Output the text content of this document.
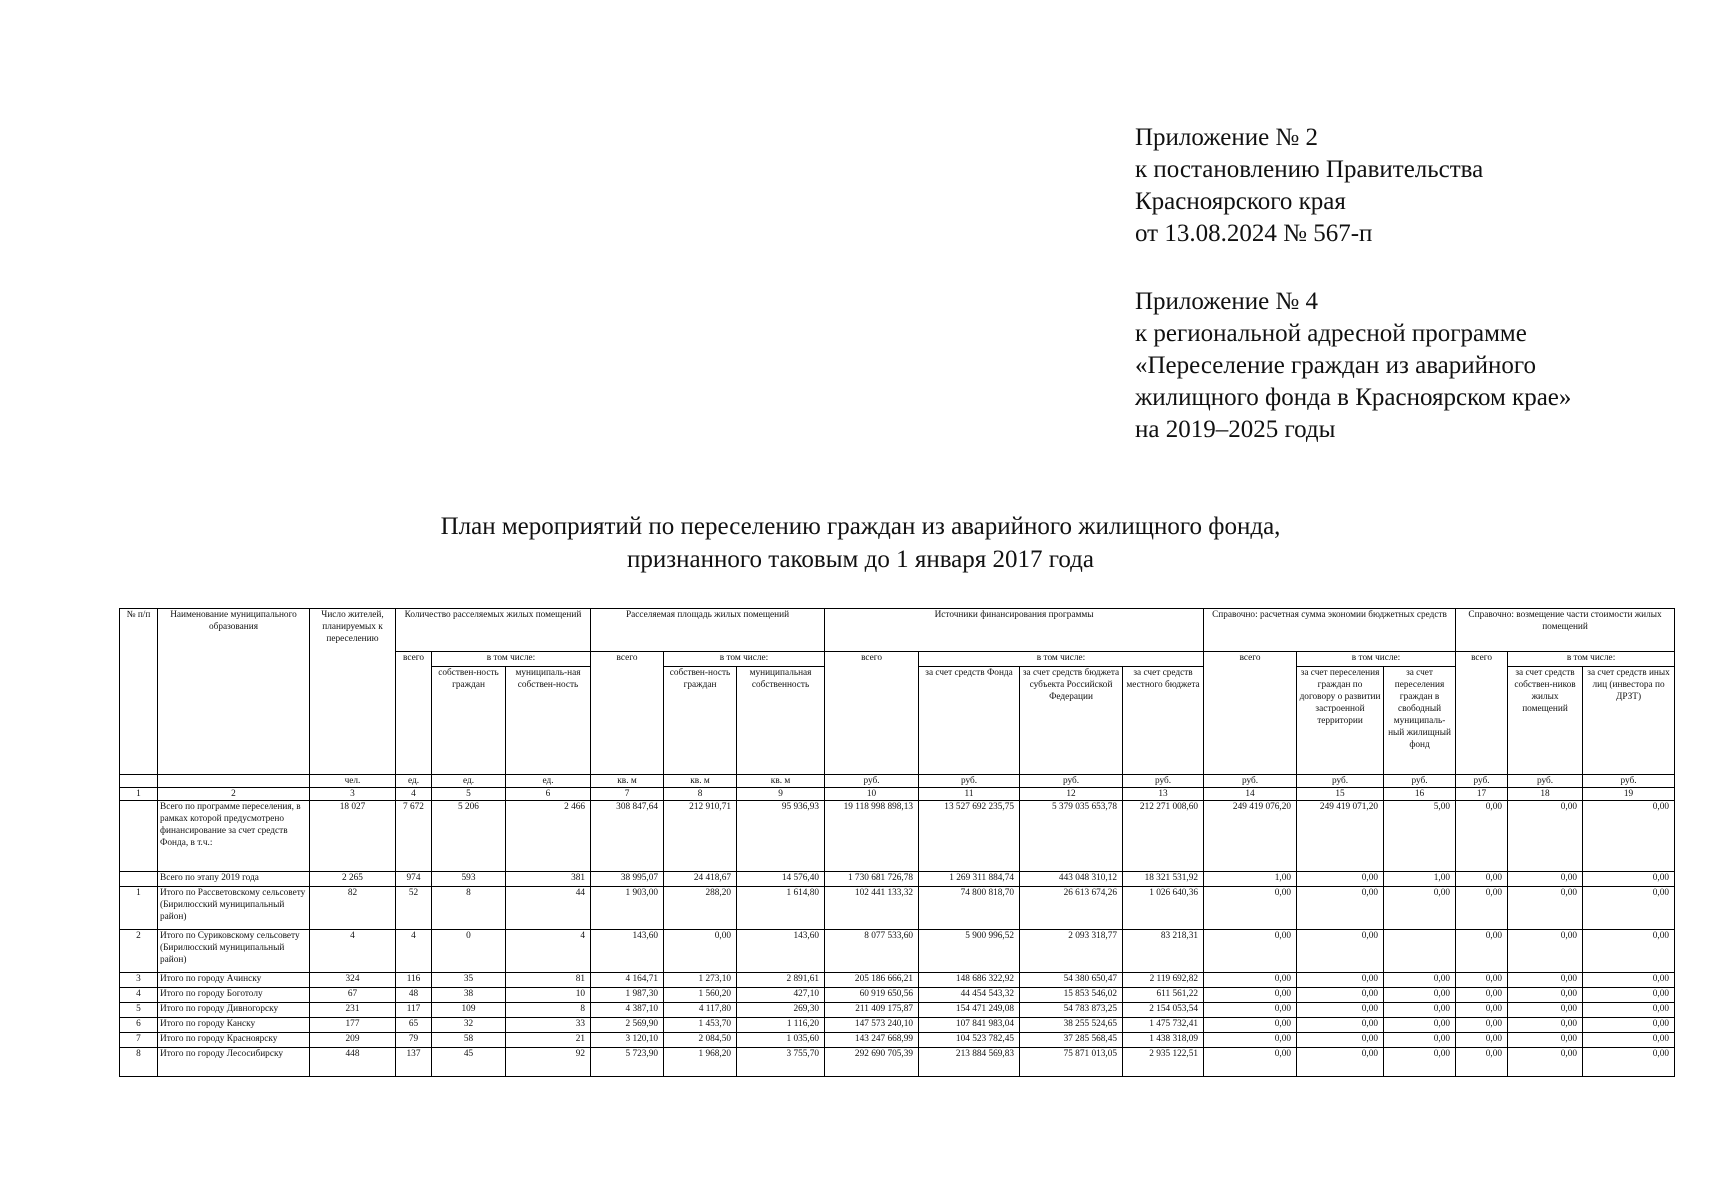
Приложение № 2
к постановлению Правительства
Красноярского края
от 13.08.2024 № 567-п
Приложение № 4
к региональной адресной программе
«Переселение граждан из аварийного
жилищного фонда в Красноярском крае»
на 2019–2025 годы
План мероприятий по переселению граждан из аварийного жилищного фонда,
признанного таковым до 1 января 2017 года
№ п/п	Наименование муниципального образования	Число жителей, планируемых к переселению	Количество расселяемых жилых помещений			Расселяемая площадь жилых помещений			Источники финансирования программы				Справочно: расчетная сумма экономии бюджетных средств			Справочно: возмещение части стоимости жилых помещений		
			всего	в том числе:		всего	в том числе:		всего	в том числе:			всего	в том числе:		всего	в том числе:	
				собствен-ность граждан	муниципаль-ная собствен-ность		собствен-ность граждан	муниципальная собственность		за счет средств Фонда	за счет средств бюджета субъекта Российской Федерации	за счет средств местного бюджета		за счет переселения граждан по договору о развитии застроенной территории	за счет переселения граждан в свободный муниципаль-ный жилищный фонд		за счет средств собствен-ников жилых помещений	за счет средств иных лиц (инвестора по ДРЗТ)
		чел.	ед.	ед.	ед.	кв. м	кв. м	кв. м	руб.	руб.	руб.	руб.	руб.	руб.	руб.	руб.	руб.	руб.
1	2	3	4	5	6	7	8	9	10	11	12	13	14	15	16	17	18	19
	Всего по программе переселения, в рамках которой предусмотрено финансирование за счет средств Фонда, в т.ч.:	18 027	7 672	5 206	2 466	308 847,64	212 910,71	95 936,93	19 118 998 898,13	13 527 692 235,75	5 379 035 653,78	212 271 008,60	249 419 076,20	249 419 071,20	5,00	0,00	0,00	0,00
	Всего по этапу 2019 года	2 265	974	593	381	38 995,07	24 418,67	14 576,40	1 730 681 726,78	1 269 311 884,74	443 048 310,12	18 321 531,92	1,00	0,00	1,00	0,00	0,00	0,00
1	Итого по Рассветовскому сельсовету (Бирилюсский муниципальный район)	82	52	8	44	1 903,00	288,20	1 614,80	102 441 133,32	74 800 818,70	26 613 674,26	1 026 640,36	0,00	0,00	0,00	0,00	0,00	0,00
2	Итого по Суриковскому сельсовету (Бирилюсский муниципальный район)	4	4	0	4	143,60	0,00	143,60	8 077 533,60	5 900 996,52	2 093 318,77	83 218,31	0,00	0,00		0,00	0,00	0,00
3	Итого по городу Ачинску	324	116	35	81	4 164,71	1 273,10	2 891,61	205 186 666,21	148 686 322,92	54 380 650,47	2 119 692,82	0,00	0,00	0,00	0,00	0,00	0,00
4	Итого по городу Боготолу	67	48	38	10	1 987,30	1 560,20	427,10	60 919 650,56	44 454 543,32	15 853 546,02	611 561,22	0,00	0,00	0,00	0,00	0,00	0,00
5	Итого по городу Дивногорску	231	117	109	8	4 387,10	4 117,80	269,30	211 409 175,87	154 471 249,08	54 783 873,25	2 154 053,54	0,00	0,00	0,00	0,00	0,00	0,00
6	Итого по городу Канску	177	65	32	33	2 569,90	1 453,70	1 116,20	147 573 240,10	107 841 983,04	38 255 524,65	1 475 732,41	0,00	0,00	0,00	0,00	0,00	0,00
7	Итого по городу Красноярску	209	79	58	21	3 120,10	2 084,50	1 035,60	143 247 668,99	104 523 782,45	37 285 568,45	1 438 318,09	0,00	0,00	0,00	0,00	0,00	0,00
8	Итого по городу Лесосибирску	448	137	45	92	5 723,90	1 968,20	3 755,70	292 690 705,39	213 884 569,83	75 871 013,05	2 935 122,51	0,00	0,00	0,00	0,00	0,00	0,00
